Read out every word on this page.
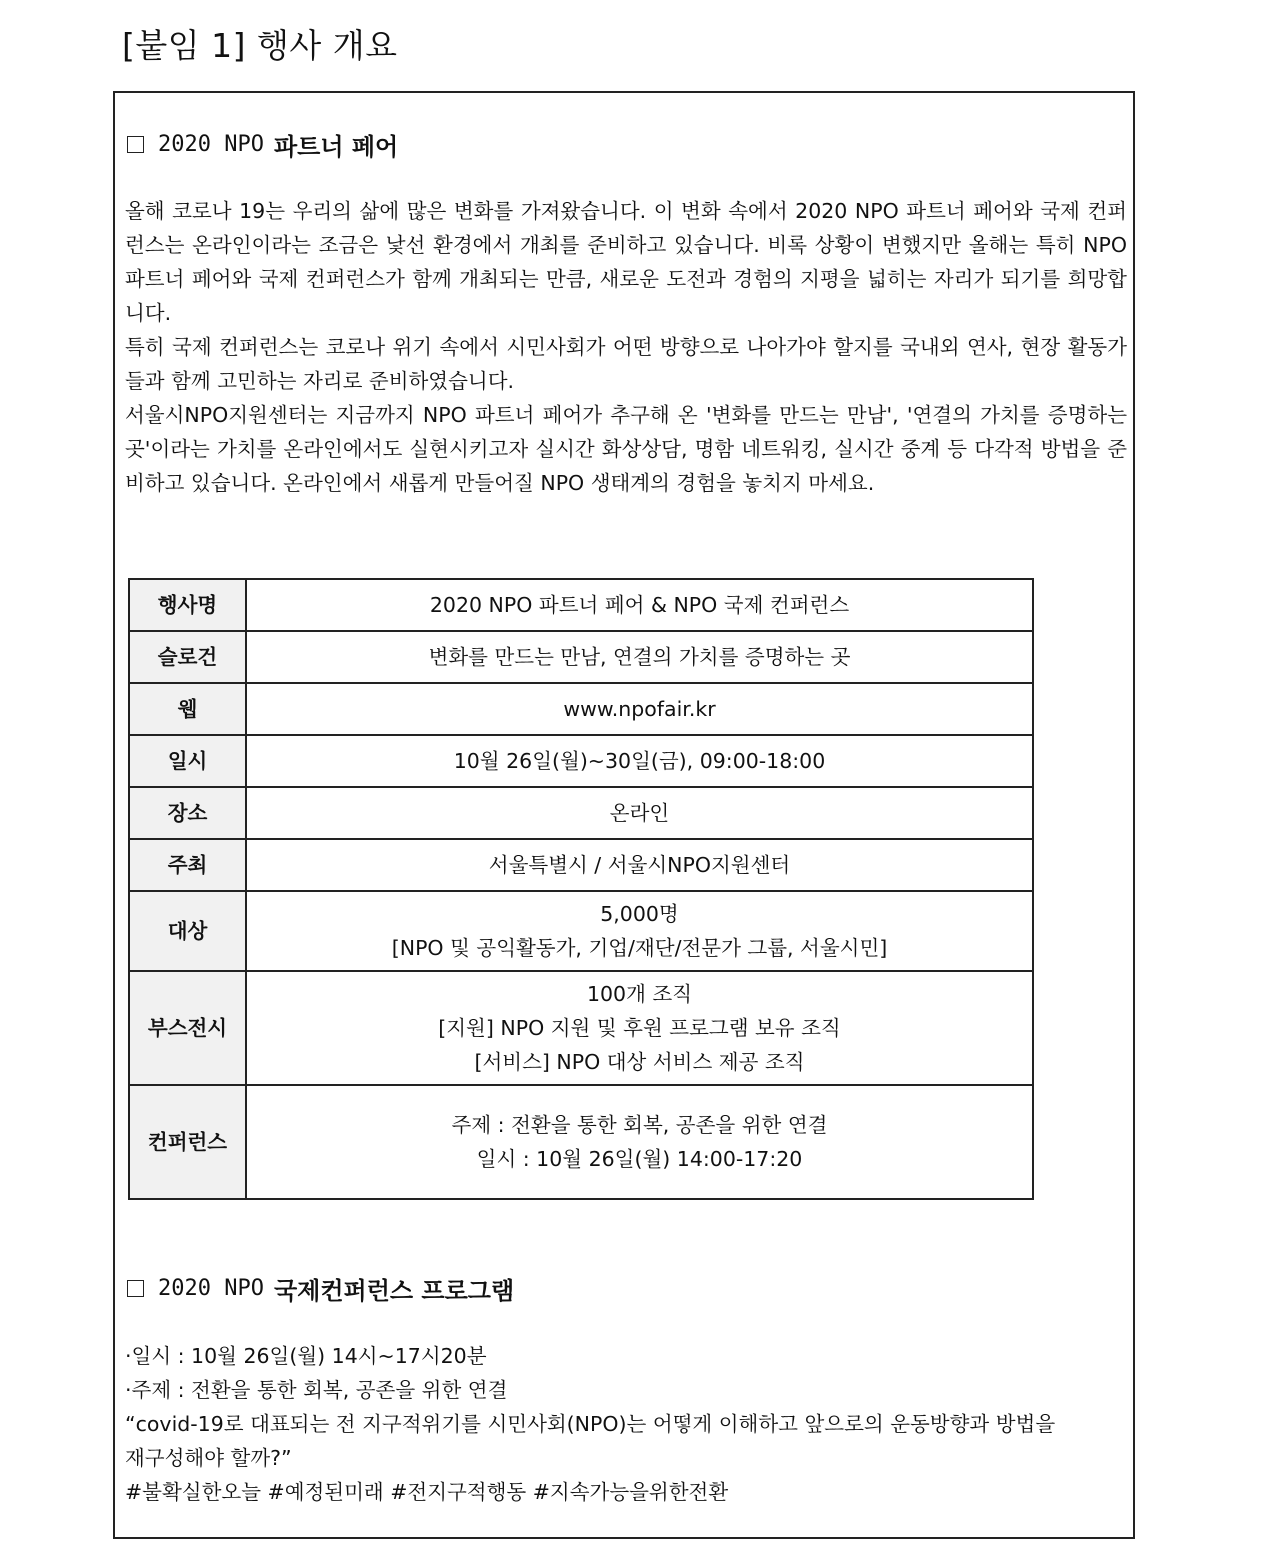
[붙임 1] 행사 개요
2020 NPO 파트너 페어

올해 코로나 19는 우리의 삶에 많은 변화를 가져왔습니다. 이 변화 속에서 2020 NPO 파트너 페어와 국제 컨퍼런스는 온라인이라는 조금은 낯선 환경에서 개최를 준비하고 있습니다. 비록 상황이 변했지만 올해는 특히 NPO 파트너 페어와 국제 컨퍼런스가 함께 개최되는 만큼, 새로운 도전과 경험의 지평을 넓히는 자리가 되기를 희망합니다.

특히 국제 컨퍼런스는 코로나 위기 속에서 시민사회가 어떤 방향으로 나아가야 할지를 국내외 연사, 현장 활동가들과 함께 고민하는 자리로 준비하였습니다.

서울시NPO지원센터는 지금까지 NPO 파트너 페어가 추구해 온 '변화를 만드는 만남', '연결의 가치를 증명하는 곳'이라는 가치를 온라인에서도 실현시키고자 실시간 화상상담, 명함 네트워킹, 실시간 중계 등 다각적 방법을 준비하고 있습니다. 온라인에서 새롭게 만들어질 NPO 생태계의 경험을 놓치지 마세요.

행사명	2020 NPO 파트너 페어 & NPO 국제 컨퍼런스
슬로건	변화를 만드는 만남, 연결의 가치를 증명하는 곳
웹	www.npofair.kr
일시	10월 26일(월)~30일(금), 09:00-18:00
장소	온라인
주최	서울특별시 / 서울시NPO지원센터
대상	5,000명
[NPO 및 공익활동가, 기업/재단/전문가 그룹, 서울시민]

부스전시	100개 조직
[지원] NPO 지원 및 후원 프로그램 보유 조직
[서비스] NPO 대상 서비스 제공 조직

컨퍼런스	주제 : 전환을 통한 회복, 공존을 위한 연결
일시 : 10월 26일(월) 14:00-17:20
2020 NPO 국제컨퍼런스 프로그램
·일시 : 10월 26일(월) 14시~17시20분
·주제 : 전환을 통한 회복, 공존을 위한 연결
“covid-19로 대표되는 전 지구적위기를 시민사회(NPO)는 어떻게 이해하고 앞으로의 운동방향과 방법을
재구성해야 할까?”
#불확실한오늘 #예정된미래 #전지구적행동 #지속가능을위한전환
